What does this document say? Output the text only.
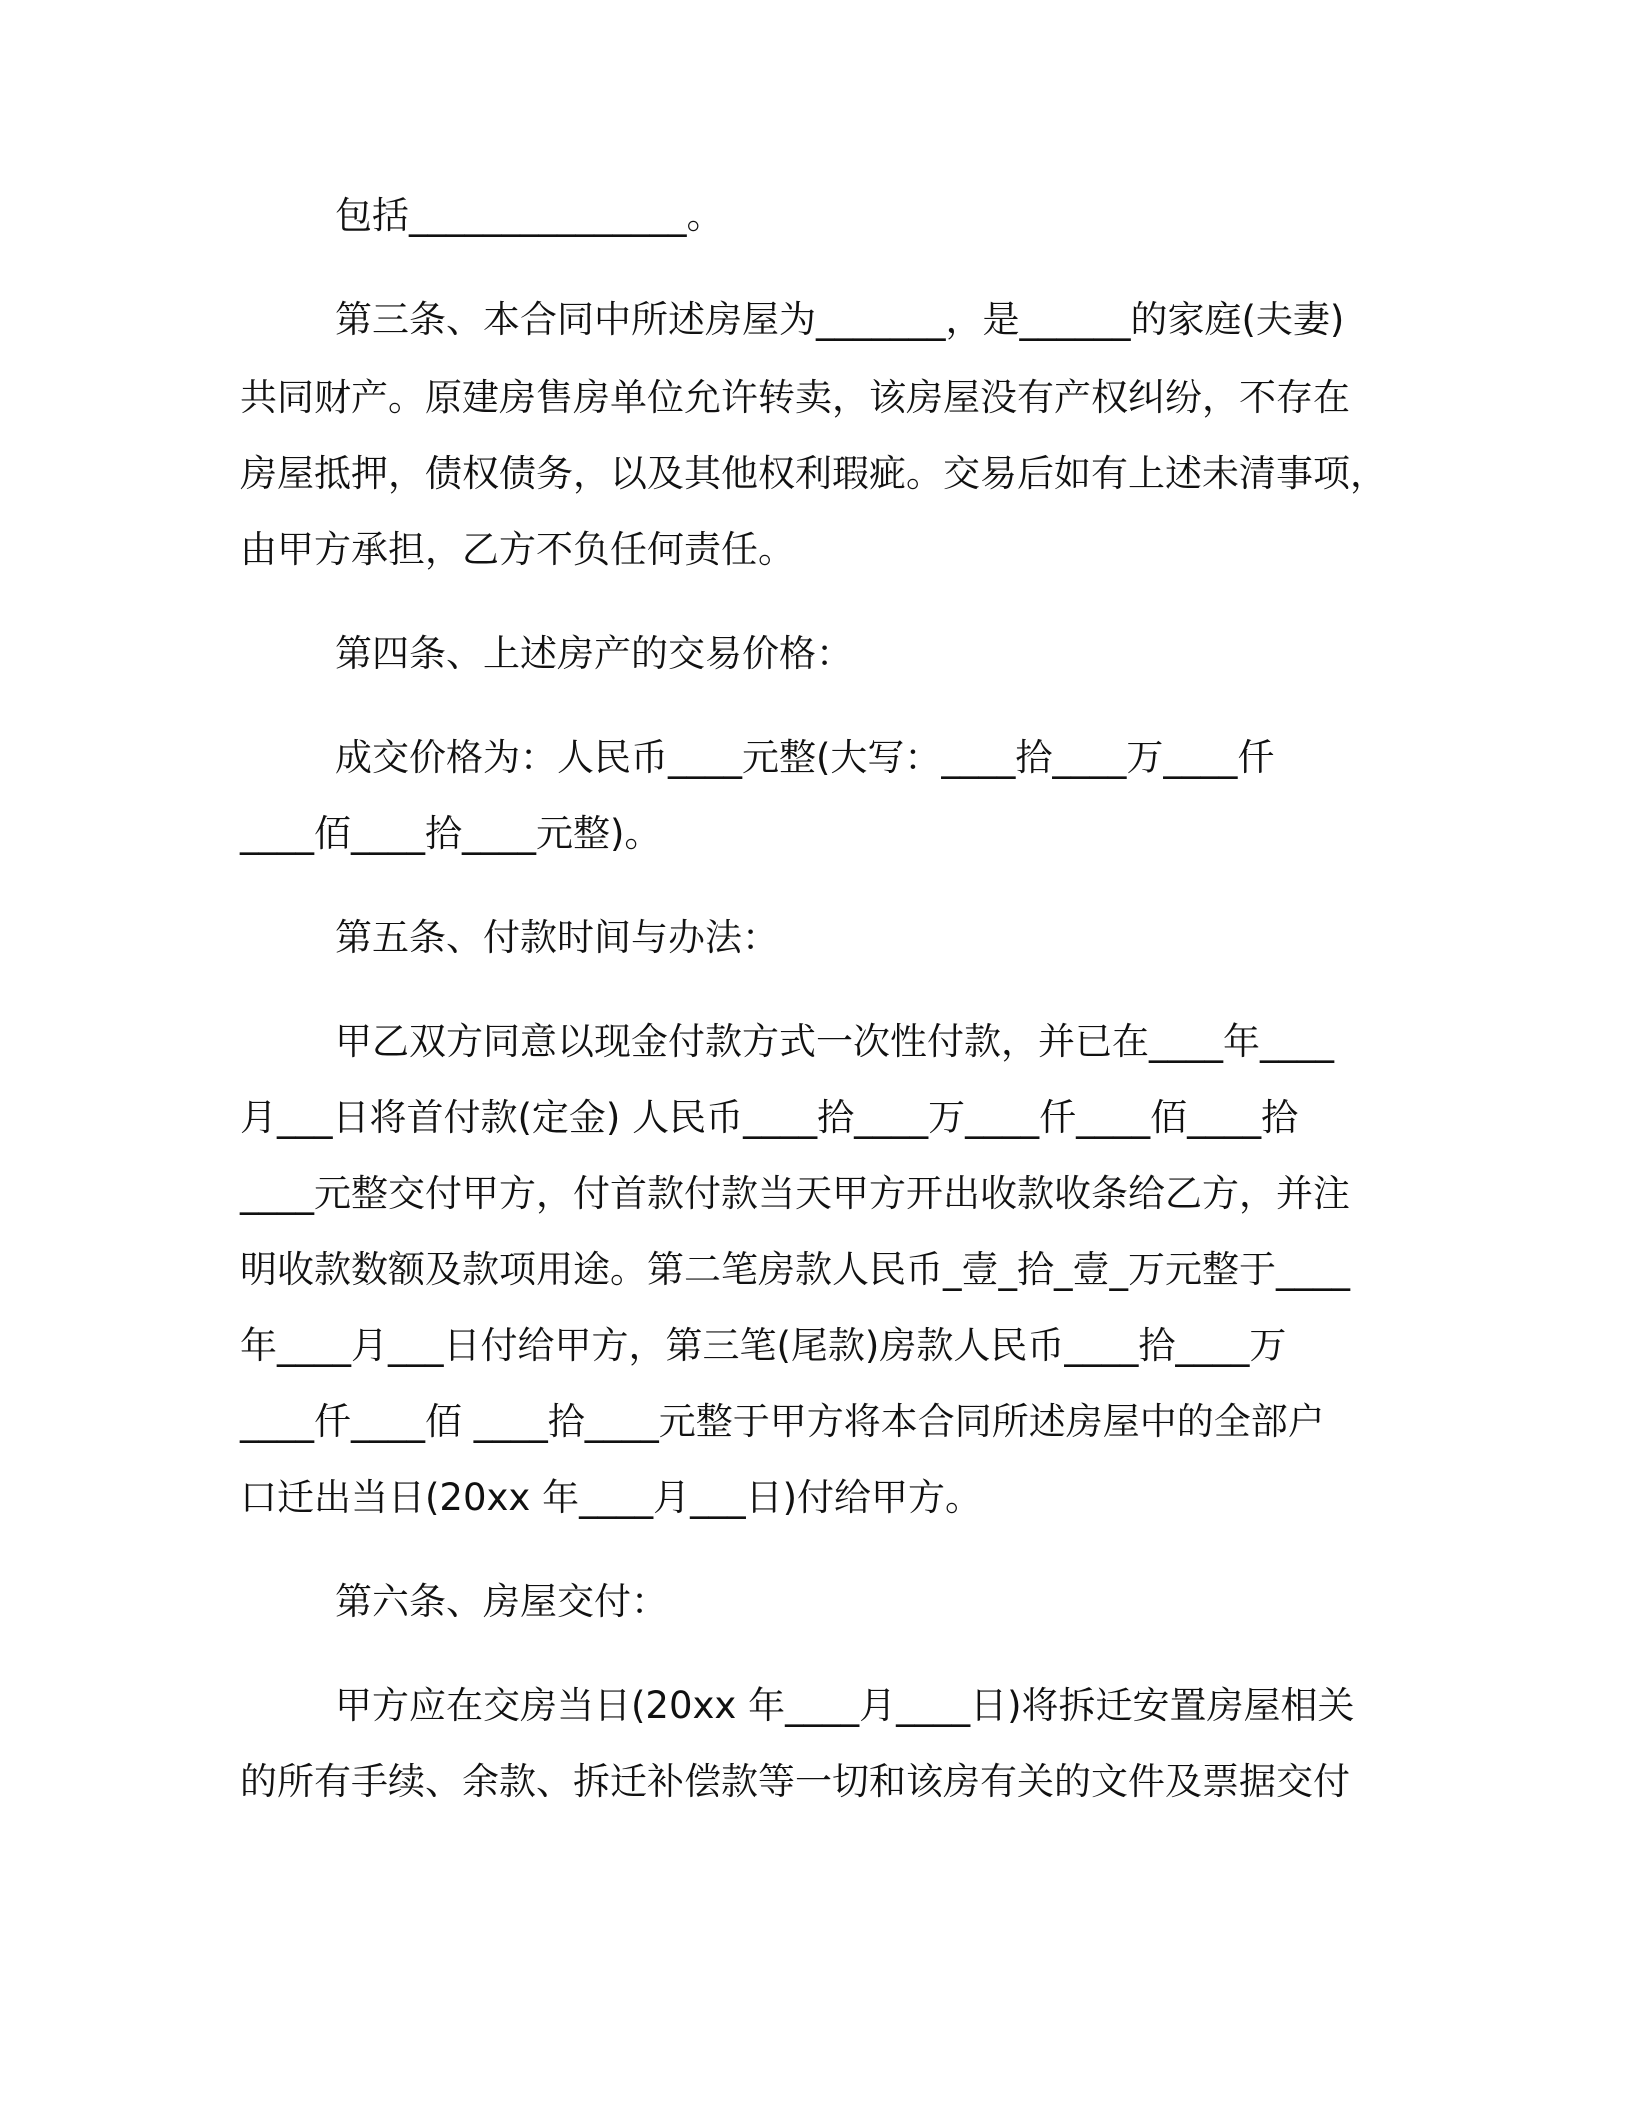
包括_______________。
第三条、本合同中所述房屋为_______，是______的家庭(夫妻)
共同财产。原建房售房单位允许转卖，该房屋没有产权纠纷，不存在
房屋抵押，债权债务，以及其他权利瑕疵。交易后如有上述未清事项，
由甲方承担，乙方不负任何责任。
第四条、上述房产的交易价格：
成交价格为：人民币____元整(大写：____拾____万____仟
____佰____拾____元整)。
第五条、付款时间与办法：
甲乙双方同意以现金付款方式一次性付款，并已在____年____
月___日将首付款(定金) 人民币____拾____万____仟____佰____拾
____元整交付甲方，付首款付款当天甲方开出收款收条给乙方，并注
明收款数额及款项用途。第二笔房款人民币_壹_拾_壹_万元整于____
年____月___日付给甲方，第三笔(尾款)房款人民币____拾____万
____仟____佰 ____拾____元整于甲方将本合同所述房屋中的全部户
口迁出当日(20xx 年____月___日)付给甲方。
第六条、房屋交付：
甲方应在交房当日(20xx 年____月____日)将拆迁安置房屋相关
的所有手续、余款、拆迁补偿款等一切和该房有关的文件及票据交付
